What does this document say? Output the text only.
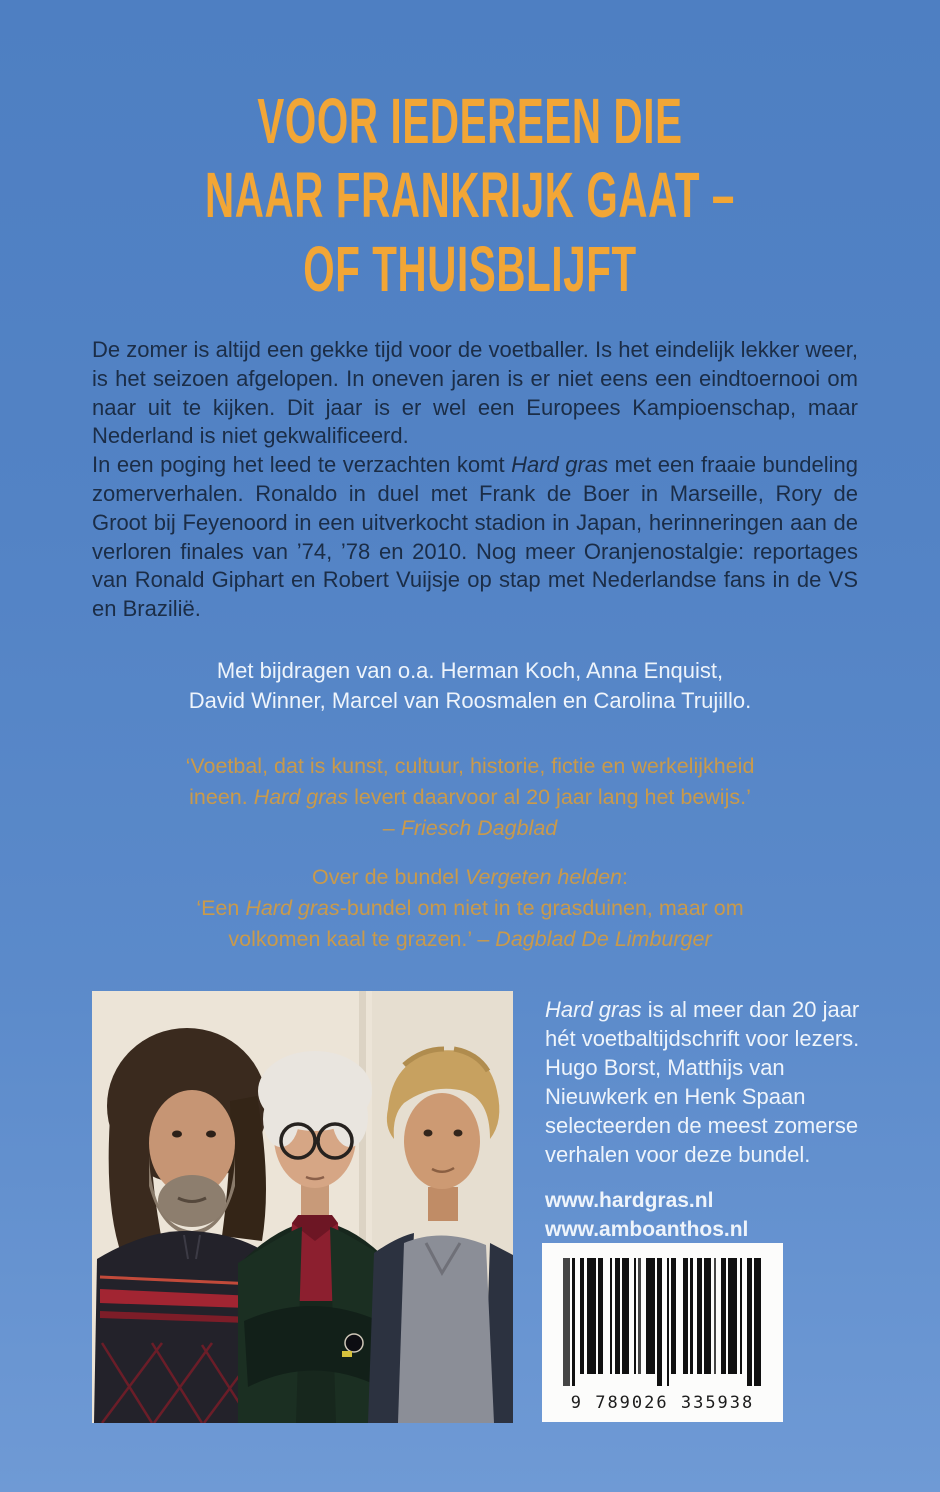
VOOR IEDEREEN DIE
NAAR FRANKRIJK GAAT –
OF THUISBLIJFT

De zomer is altijd een gekke tijd voor de voetballer. Is het eindelijk lekker weer, is het seizoen afgelopen. In oneven jaren is er niet eens een eindtoernooi om naar uit te kijken. Dit jaar is er wel een Europees Kampioenschap, maar Nederland is niet gekwalificeerd.

In een poging het leed te verzachten komt Hard gras met een fraaie bundeling zomerverhalen. Ronaldo in duel met Frank de Boer in Marseille, Rory de Groot bij Feyenoord in een uitverkocht stadion in Japan, herinneringen aan de verloren finales van ’74, ’78 en 2010. Nog meer Oranjenostalgie: reportages van Ronald Giphart en Robert Vuijsje op stap met Nederlandse fans in de VS en Brazilië.

Met bijdragen van o.a. Herman Koch, Anna Enquist,
David Winner, Marcel van Roosmalen en Carolina Trujillo.
‘Voetbal, dat is kunst, cultuur, historie, fictie en werkelijkheid
ineen. Hard gras levert daarvoor al 20 jaar lang het bewijs.’
– Friesch Dagblad
Over de bundel Vergeten helden:
‘Een Hard gras-bundel om niet in te grasduinen, maar om
volkomen kaal te grazen.’ – Dagblad De Limburger

Hard gras is al meer dan 20 jaar hét voetbaltijdschrift voor lezers. Hugo Borst, Matthijs van Nieuwkerk en Henk Spaan selecteerden de meest zomerse verhalen voor deze bundel.

www.hardgras.nl
www.amboanthos.nl
9 789026 335938
